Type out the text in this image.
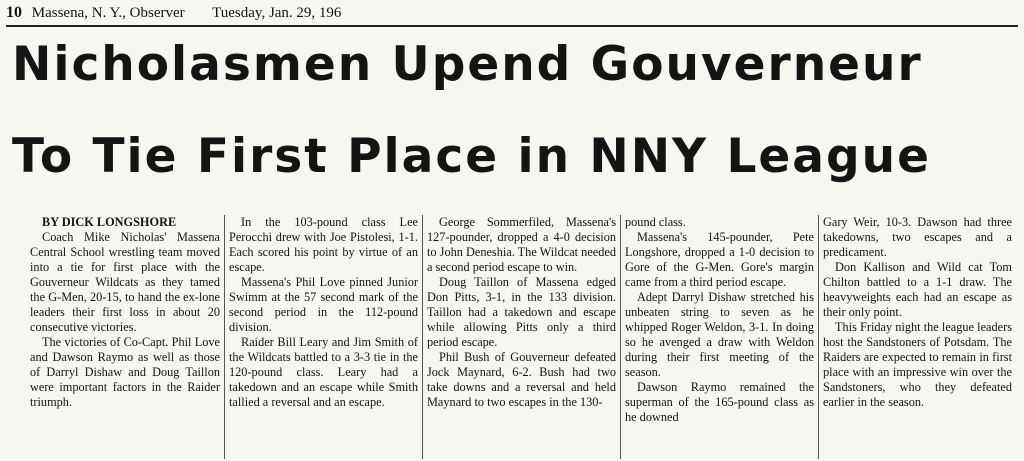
10 Massena, N. Y., Observer Tuesday, Jan. 29, 196
Nicholasmen Upend Gouverneur
To Tie First Place in NNY League

BY DICK LONGSHORE

Coach Mike Nicholas' Massena Central School wrestling team moved into a tie for first place with the Gouverneur Wildcats as they tamed the G-Men, 20-15, to hand the ex-lone leaders their first loss in about 20 consecutive victories.

The victories of Co-Capt. Phil Love and Dawson Raymo as well as those of Darryl Dishaw and Doug Taillon were important factors in the Raider triumph.

In the 103-pound class Lee Perocchi drew with Joe Pistolesi, 1-1. Each scored his point by virtue of an escape.

Massena's Phil Love pinned Junior Swimm at the 57 second mark of the second period in the 112-pound division.

Raider Bill Leary and Jim Smith of the Wildcats battled to a 3-3 tie in the 120-pound class. Leary had a takedown and an escape while Smith tallied a reversal and an escape.

George Sommerfiled, Massena's 127-pounder, dropped a 4-0 decision to John Deneshia. The Wildcat needed a second period escape to win.

Doug Taillon of Massena edged Don Pitts, 3-1, in the 133 division. Taillon had a takedown and escape while allowing Pitts only a third period escape.

Phil Bush of Gouverneur defeated Jock Maynard, 6-2. Bush had two take downs and a reversal and held Maynard to two escapes in the 130-

pound class.

Massena's 145-pounder, Pete Longshore, dropped a 1-0 decision to Gore of the G-Men. Gore's margin came from a third period escape.

Adept Darryl Dishaw stretched his unbeaten string to seven as he whipped Roger Weldon, 3-1. In doing so he avenged a draw with Weldon during their first meeting of the season.

Dawson Raymo remained the superman of the 165-pound class as he downed

Gary Weir, 10-3. Dawson had three takedowns, two escapes and a predicament.

Don Kallison and Wild cat Tom Chilton battled to a 1-1 draw. The heavyweights each had an escape as their only point.

This Friday night the league leaders host the Sandstoners of Potsdam. The Raiders are expected to remain in first place with an impressive win over the Sandstoners, who they defeated earlier in the season.
